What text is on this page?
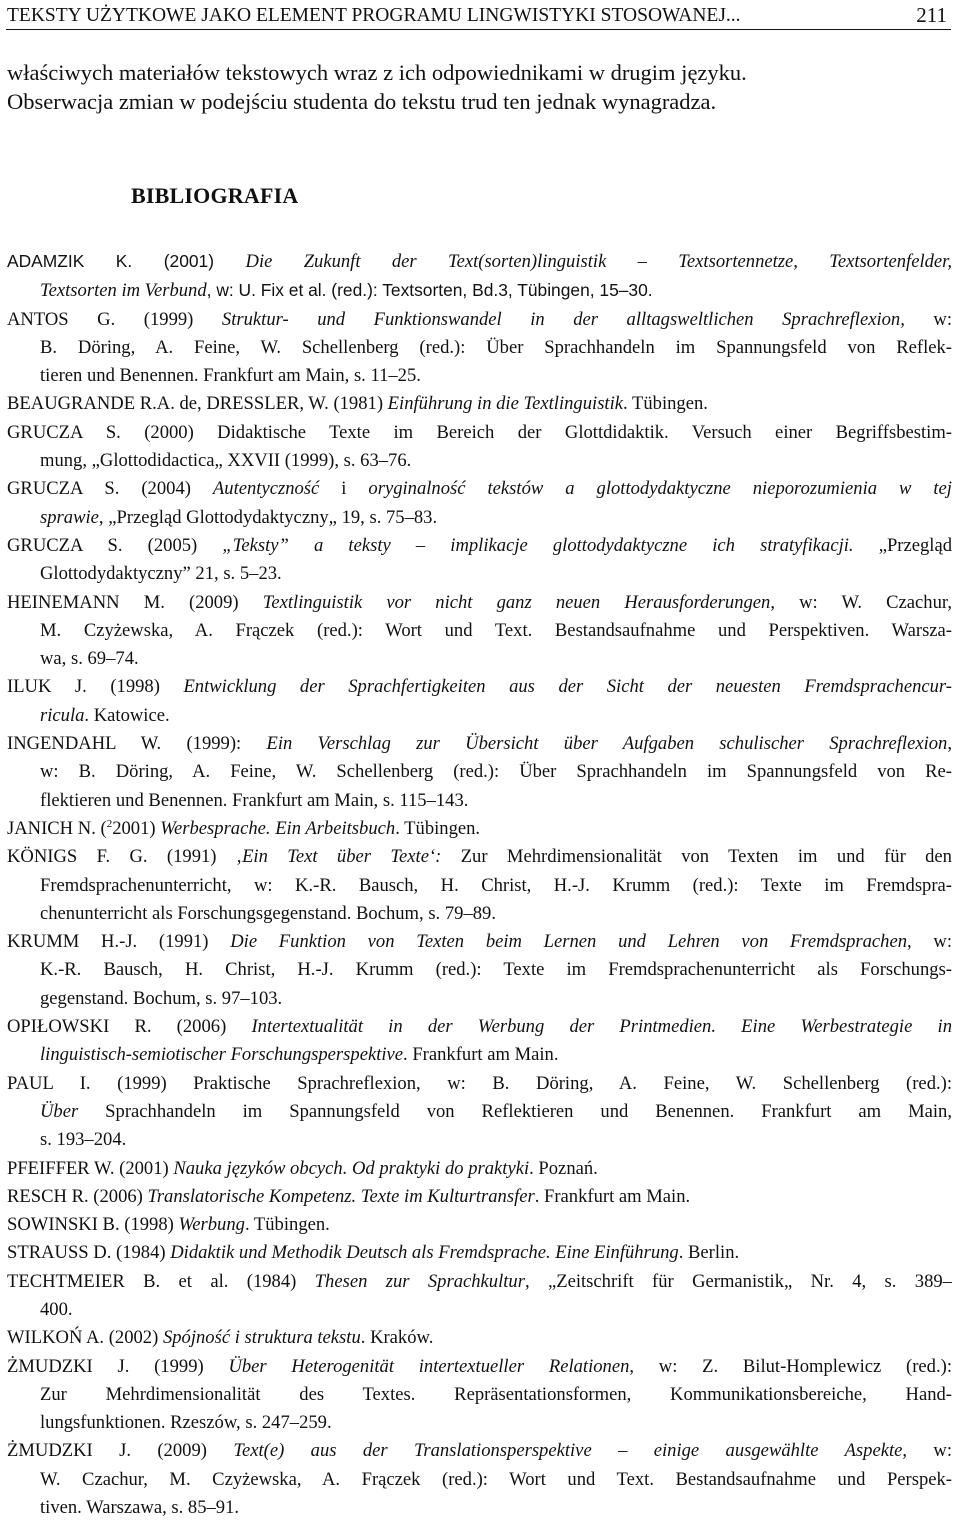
TEKSTY UŻYTKOWE JAKO ELEMENT PROGRAMU LINGWISTYKI STOSOWANEJ...	211

właściwych materiałów tekstowych wraz z ich odpowiednikami w drugim języku.

Obserwacja zmian w podejściu studenta do tekstu trud ten jednak wynagradza.

BIBLIOGRAFIA
ADAMZIK K. (2001) Die Zukunft der Text(sorten)linguistik – Textsortennetze, Textsortenfelder,
Textsorten im Verbund, w: U. Fix et al. (red.): Textsorten, Bd.3, Tübingen, 15–30.
ANTOS G. (1999) Struktur- und Funktionswandel in der alltagsweltlichen Sprachreflexion, w:
B. Döring, A. Feine, W. Schellenberg (red.): Über Sprachhandeln im Spannungsfeld von Reflek-
tieren und Benennen. Frankfurt am Main, s. 11–25.
BEAUGRANDE R.A. de, DRESSLER, W. (1981) Einführung in die Textlinguistik. Tübingen.
GRUCZA S. (2000) Didaktische Texte im Bereich der Glottdidaktik. Versuch einer Begriffsbestim-
mung, „Glottodidactica„ XXVII (1999), s. 63–76.
GRUCZA S. (2004) Autentyczność i oryginalność tekstów a glottodydaktyczne nieporozumienia w tej
sprawie, „Przegląd Glottodydaktyczny„ 19, s. 75–83.
GRUCZA S. (2005) „Teksty” a teksty – implikacje glottodydaktyczne ich stratyfikacji. „Przegląd
Glottodydaktyczny” 21, s. 5–23.
HEINEMANN M. (2009) Textlinguistik vor nicht ganz neuen Herausforderungen, w: W. Czachur,
M. Czyżewska, A. Frączek (red.): Wort und Text. Bestandsaufnahme und Perspektiven. Warsza-
wa, s. 69–74.
ILUK J. (1998) Entwicklung der Sprachfertigkeiten aus der Sicht der neuesten Fremdsprachencur-
ricula. Katowice.
INGENDAHL W. (1999): Ein Verschlag zur Übersicht über Aufgaben schulischer Sprachreflexion,
w: B. Döring, A. Feine, W. Schellenberg (red.): Über Sprachhandeln im Spannungsfeld von Re-
flektieren und Benennen. Frankfurt am Main, s. 115–143.
JANICH N. ($^2$2001) Werbesprache. Ein Arbeitsbuch. Tübingen.
KÖNIGS F. G. (1991) ‚Ein Text über Texte‘: Zur Mehrdimensionalität von Texten im und für den
Fremdsprachenunterricht, w: K.-R. Bausch, H. Christ, H.-J. Krumm (red.): Texte im Fremdspra-
chenunterricht als Forschungsgegenstand. Bochum, s. 79–89.
KRUMM H.-J. (1991) Die Funktion von Texten beim Lernen und Lehren von Fremdsprachen, w:
K.-R. Bausch, H. Christ, H.-J. Krumm (red.): Texte im Fremdsprachenunterricht als Forschungs-
gegenstand. Bochum, s. 97–103.
OPIŁOWSKI R. (2006) Intertextualität in der Werbung der Printmedien. Eine Werbestrategie in
linguistisch-semiotischer Forschungsperspektive. Frankfurt am Main.
PAUL I. (1999) Praktische Sprachreflexion, w: B. Döring, A. Feine, W. Schellenberg (red.):
Über Sprachhandeln im Spannungsfeld von Reflektieren und Benennen. Frankfurt am Main,
s. 193–204.
PFEIFFER W. (2001) Nauka języków obcych. Od praktyki do praktyki. Poznań.
RESCH R. (2006) Translatorische Kompetenz. Texte im Kulturtransfer. Frankfurt am Main.
SOWINSKI B. (1998) Werbung. Tübingen.
STRAUSS D. (1984) Didaktik und Methodik Deutsch als Fremdsprache. Eine Einführung. Berlin.
TECHTMEIER B. et al. (1984) Thesen zur Sprachkultur, „Zeitschrift für Germanistik„ Nr. 4, s. 389–
400.
WILKOŃ A. (2002) Spójność i struktura tekstu. Kraków.
ŻMUDZKI J. (1999) Über Heterogenität intertextueller Relationen, w: Z. Bilut-Homplewicz (red.):
Zur Mehrdimensionalität des Textes. Repräsentationsformen, Kommunikationsbereiche, Hand-
lungsfunktionen. Rzeszów, s. 247–259.
ŻMUDZKI J. (2009) Text(e) aus der Translationsperspektive – einige ausgewählte Aspekte, w:
W. Czachur, M. Czyżewska, A. Frączek (red.): Wort und Text. Bestandsaufnahme und Perspek-
tiven. Warszawa, s. 85–91.
